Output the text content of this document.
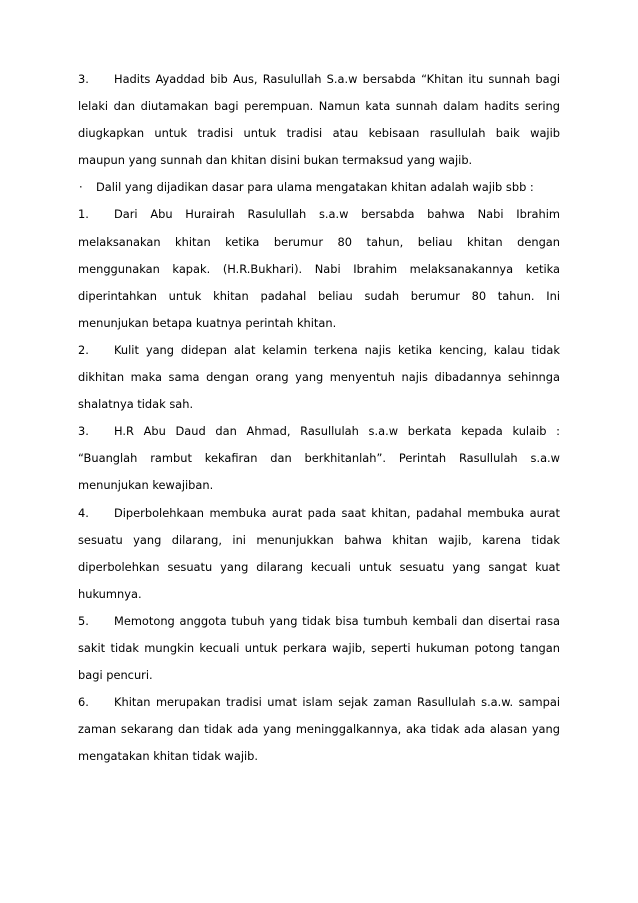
3.	Hadits Ayaddad bib Aus, Rasulullah S.a.w bersabda “Khitan itu sunnah bagi
lelaki dan diutamakan bagi perempuan. Namun kata sunnah dalam hadits sering
diugkapkan untuk tradisi untuk tradisi atau kebisaan rasullulah baik wajib
maupun yang sunnah dan khitan disini bukan termaksud yang wajib.
·	Dalil yang dijadikan dasar para ulama mengatakan khitan adalah wajib sbb :
1.	Dari Abu Hurairah Rasulullah s.a.w bersabda bahwa Nabi Ibrahim
melaksanakan khitan ketika berumur 80 tahun, beliau khitan dengan
menggunakan kapak. (H.R.Bukhari). Nabi Ibrahim melaksanakannya ketika
diperintahkan untuk khitan padahal beliau sudah berumur 80 tahun. Ini
menunjukan betapa kuatnya perintah khitan.
2.	Kulit yang didepan alat kelamin terkena najis ketika kencing, kalau tidak
dikhitan maka sama dengan orang yang menyentuh najis dibadannya sehinnga
shalatnya tidak sah.
3.	H.R Abu Daud dan Ahmad, Rasullulah s.a.w berkata kepada kulaib :
“Buanglah rambut kekafiran dan berkhitanlah”. Perintah Rasullulah s.a.w
menunjukan kewajiban.
4.	Diperbolehkaan membuka aurat pada saat khitan, padahal membuka aurat
sesuatu yang dilarang, ini menunjukkan bahwa khitan wajib, karena tidak
diperbolehkan sesuatu yang dilarang kecuali untuk sesuatu yang sangat kuat
hukumnya.
5.	Memotong anggota tubuh yang tidak bisa tumbuh kembali dan disertai rasa
sakit tidak mungkin kecuali untuk perkara wajib, seperti hukuman potong tangan
bagi pencuri.
6.	Khitan merupakan tradisi umat islam sejak zaman Rasullulah s.a.w. sampai
zaman sekarang dan tidak ada yang meninggalkannya, aka tidak ada alasan yang
mengatakan khitan tidak wajib.
